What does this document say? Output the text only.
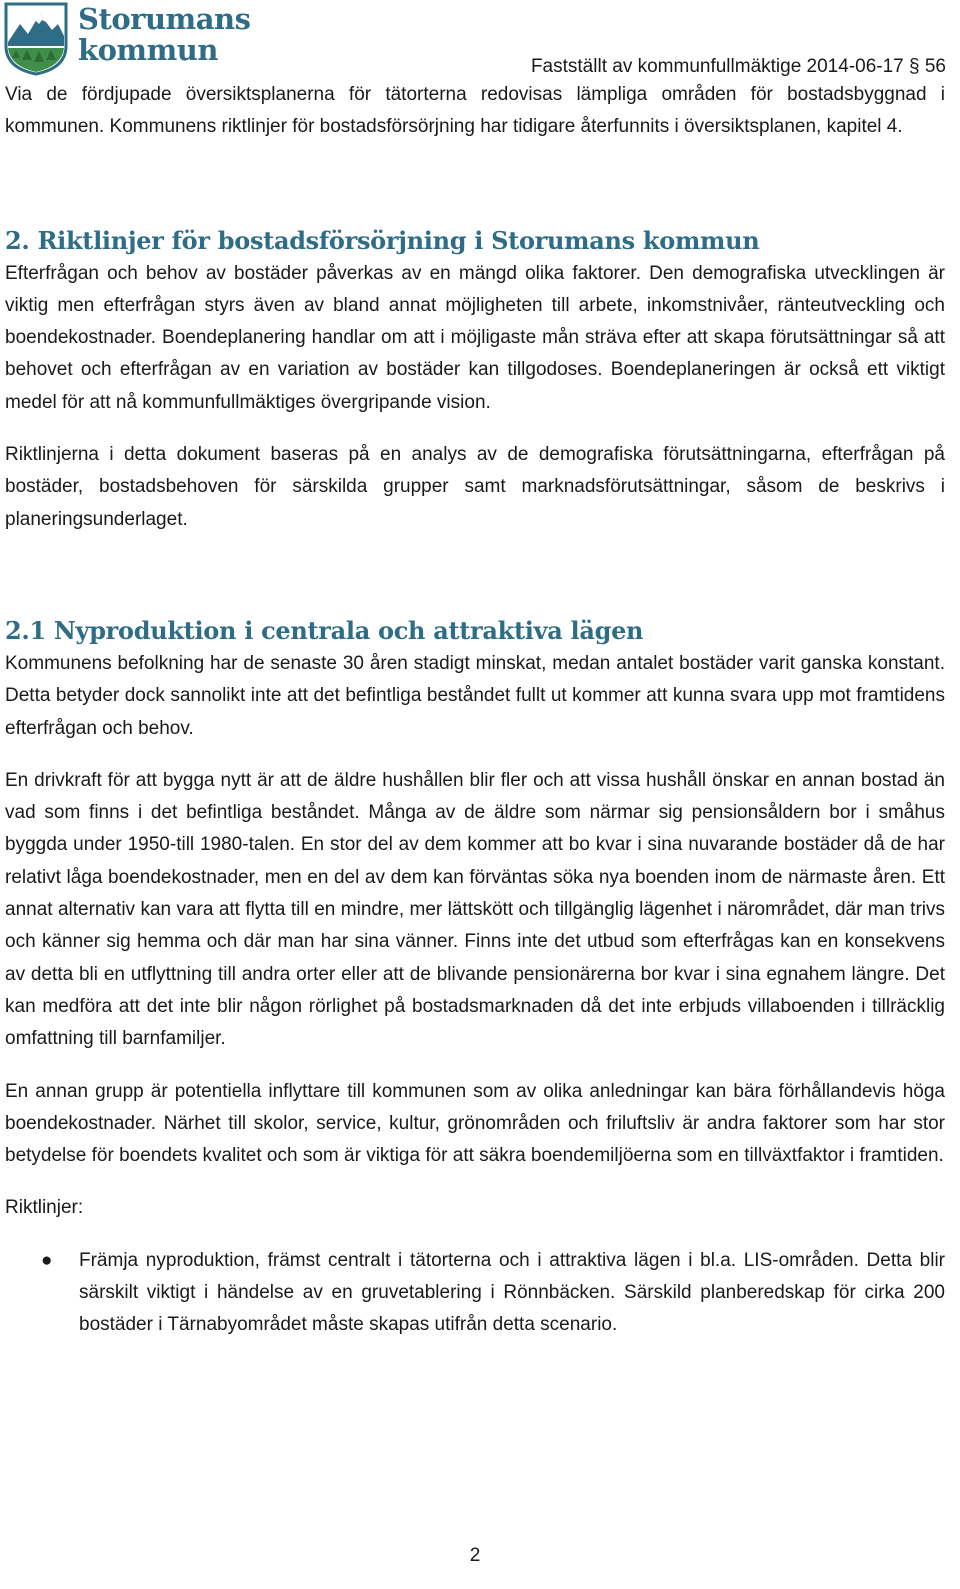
Storumans
kommun	Fastställt av kommunfullmäktige 2014-06-17 § 56

Via de fördjupade översiktsplanerna för tätorterna redovisas lämpliga områden för bostadsbyggnad i kommunen. Kommunens riktlinjer för bostadsförsörjning har tidigare återfunnits i översiktsplanen, kapitel 4.

2. Riktlinjer för bostadsförsörjning i Storumans kommun

Efterfrågan och behov av bostäder påverkas av en mängd olika faktorer. Den demografiska utvecklingen är viktig men efterfrågan styrs även av bland annat möjligheten till arbete, inkomstnivåer, ränteutveckling och boendekostnader. Boendeplanering handlar om att i möjligaste mån sträva efter att skapa förutsättningar så att behovet och efterfrågan av en variation av bostäder kan tillgodoses. Boendeplaneringen är också ett viktigt medel för att nå kommunfullmäktiges övergripande vision.

Riktlinjerna i detta dokument baseras på en analys av de demografiska förutsättningarna, efterfrågan på bostäder, bostadsbehoven för särskilda grupper samt marknadsförutsättningar, såsom de beskrivs i planeringsunderlaget.

2.1 Nyproduktion i centrala och attraktiva lägen

Kommunens befolkning har de senaste 30 åren stadigt minskat, medan antalet bostäder varit ganska konstant. Detta betyder dock sannolikt inte att det befintliga beståndet fullt ut kommer att kunna svara upp mot framtidens efterfrågan och behov.

En drivkraft för att bygga nytt är att de äldre hushållen blir fler och att vissa hushåll önskar en annan bostad än vad som finns i det befintliga beståndet. Många av de äldre som närmar sig pensionsåldern bor i småhus byggda under 1950-till 1980-talen. En stor del av dem kommer att bo kvar i sina nuvarande bostäder då de har relativt låga boendekostnader, men en del av dem kan förväntas söka nya boenden inom de närmaste åren. Ett annat alternativ kan vara att flytta till en mindre, mer lättskött och tillgänglig lägenhet i närområdet, där man trivs och känner sig hemma och där man har sina vänner. Finns inte det utbud som efterfrågas kan en konsekvens av detta bli en utflyttning till andra orter eller att de blivande pensionärerna bor kvar i sina egnahem längre. Det kan medföra att det inte blir någon rörlighet på bostadsmarknaden då det inte erbjuds villaboenden i tillräcklig omfattning till barnfamiljer.

En annan grupp är potentiella inflyttare till kommunen som av olika anledningar kan bära förhållandevis höga boendekostnader. Närhet till skolor, service, kultur, grönområden och friluftsliv är andra faktorer som har stor betydelse för boendets kvalitet och som är viktiga för att säkra boendemiljöerna som en tillväxtfaktor i framtiden.

Riktlinjer:

● Främja nyproduktion, främst centralt i tätorterna och i attraktiva lägen i bl.a. LIS-områden. Detta blir särskilt viktigt i händelse av en gruvetablering i Rönnbäcken. Särskild planberedskap för cirka 200 bostäder i Tärnabyområdet måste skapas utifrån detta scenario.
2
